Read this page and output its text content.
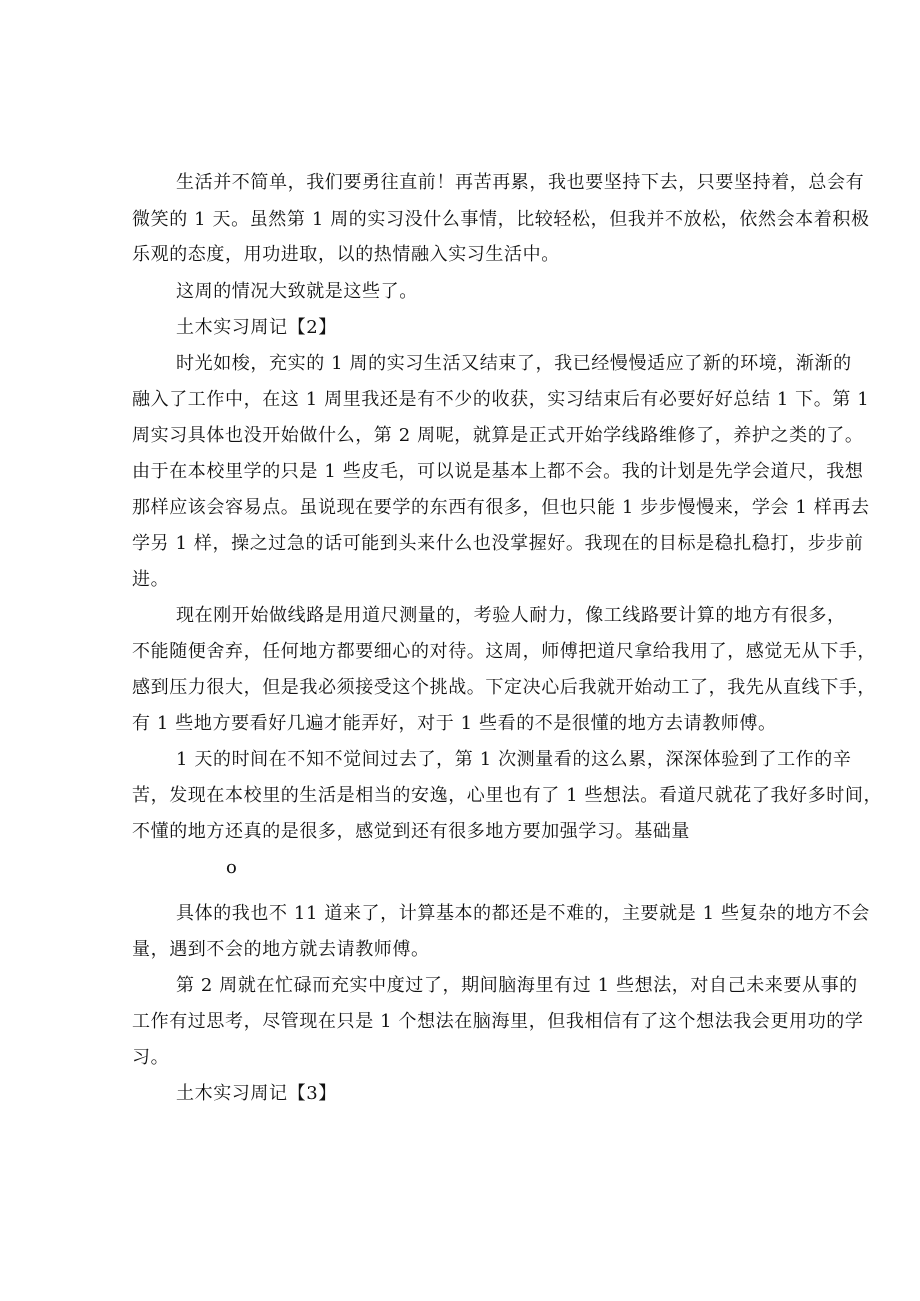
生活并不简单，我们要勇往直前！再苦再累，我也要坚持下去，只要坚持着，总会有
微笑的 1 天。虽然第 1 周的实习没什么事情，比较轻松，但我并不放松，依然会本着积极
乐观的态度，用功进取，以的热情融入实习生活中。
这周的情况大致就是这些了。
土木实习周记【2】
时光如梭，充实的 1 周的实习生活又结束了，我已经慢慢适应了新的环境，渐渐的
融入了工作中，在这 1 周里我还是有不少的收获，实习结束后有必要好好总结 1 下。第 1
周实习具体也没开始做什么，第 2 周呢，就算是正式开始学线路维修了，养护之类的了。
由于在本校里学的只是 1 些皮毛，可以说是基本上都不会。我的计划是先学会道尺，我想
那样应该会容易点。虽说现在要学的东西有很多，但也只能 1 步步慢慢来，学会 1 样再去
学另 1 样，操之过急的话可能到头来什么也没掌握好。我现在的目标是稳扎稳打，步步前
进。
现在刚开始做线路是用道尺测量的，考验人耐力，像工线路要计算的地方有很多，
不能随便舍弃，任何地方都要细心的对待。这周，师傅把道尺拿给我用了，感觉无从下手，
感到压力很大，但是我必须接受这个挑战。下定决心后我就开始动工了，我先从直线下手，
有 1 些地方要看好几遍才能弄好，对于 1 些看的不是很懂的地方去请教师傅。
1 天的时间在不知不觉间过去了，第 1 次测量看的这么累，深深体验到了工作的辛
苦，发现在本校里的生活是相当的安逸，心里也有了 1 些想法。看道尺就花了我好多时间，
不懂的地方还真的是很多，感觉到还有很多地方要加强学习。基础量
o
具体的我也不 11 道来了，计算基本的都还是不难的，主要就是 1 些复杂的地方不会
量，遇到不会的地方就去请教师傅。
第 2 周就在忙碌而充实中度过了，期间脑海里有过 1 些想法，对自己未来要从事的
工作有过思考，尽管现在只是 1 个想法在脑海里，但我相信有了这个想法我会更用功的学
习。
土木实习周记【3】
